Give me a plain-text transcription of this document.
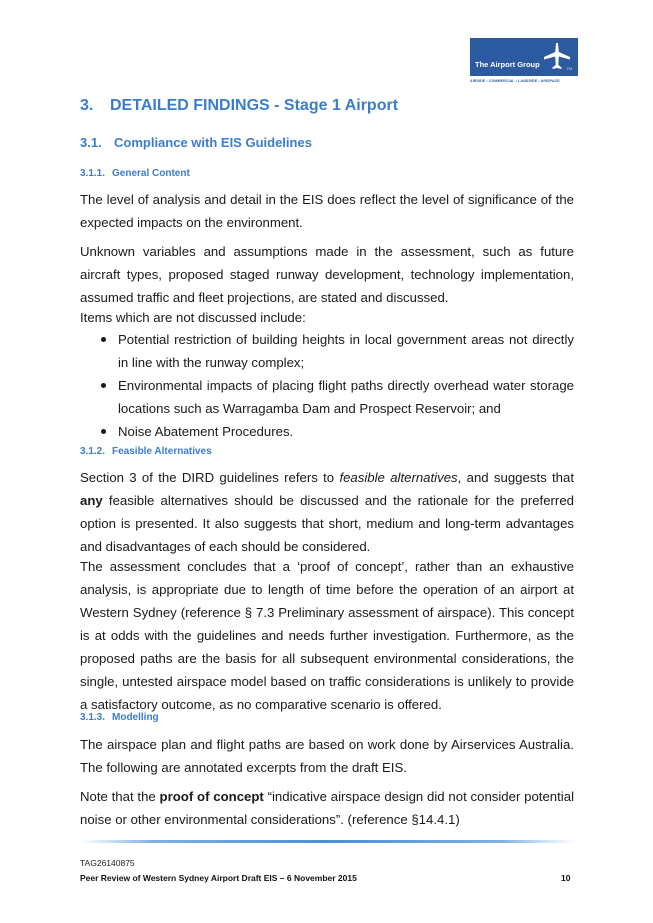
The Airport Group	TM
AIRSIDE • COMMERCIAL • LANDSIDE • AIRSPACE
3. DETAILED FINDINGS - Stage 1 Airport
3.1. Compliance with EIS Guidelines
3.1.1. General Content
The level of analysis and detail in the EIS does reflect the level of significance of the expected impacts on the environment.
Unknown variables and assumptions made in the assessment, such as future aircraft types, proposed staged runway development, technology implementation, assumed traffic and fleet projections, are stated and discussed.
Items which are not discussed include:
Potential restriction of building heights in local government areas not directly in line with the runway complex;
Environmental impacts of placing flight paths directly overhead water storage locations such as Warragamba Dam and Prospect Reservoir; and
Noise Abatement Procedures.
3.1.2. Feasible Alternatives
Section 3 of the DIRD guidelines refers to feasible alternatives, and suggests that any feasible alternatives should be discussed and the rationale for the preferred option is presented. It also suggests that short, medium and long-term advantages and disadvantages of each should be considered.
The assessment concludes that a ‘proof of concept’, rather than an exhaustive analysis, is appropriate due to length of time before the operation of an airport at Western Sydney (reference § 7.3 Preliminary assessment of airspace). This concept is at odds with the guidelines and needs further investigation. Furthermore, as the proposed paths are the basis for all subsequent environmental considerations, the single, untested airspace model based on traffic considerations is unlikely to provide a satisfactory outcome, as no comparative scenario is offered.
3.1.3. Modelling
The airspace plan and flight paths are based on work done by Airservices Australia. The following are annotated excerpts from the draft EIS.
Note that the proof of concept “indicative airspace design did not consider potential noise or other environmental considerations”. (reference §14.4.1)
TAG26140875
Peer Review of Western Sydney Airport Draft EIS – 6 November 2015	10
